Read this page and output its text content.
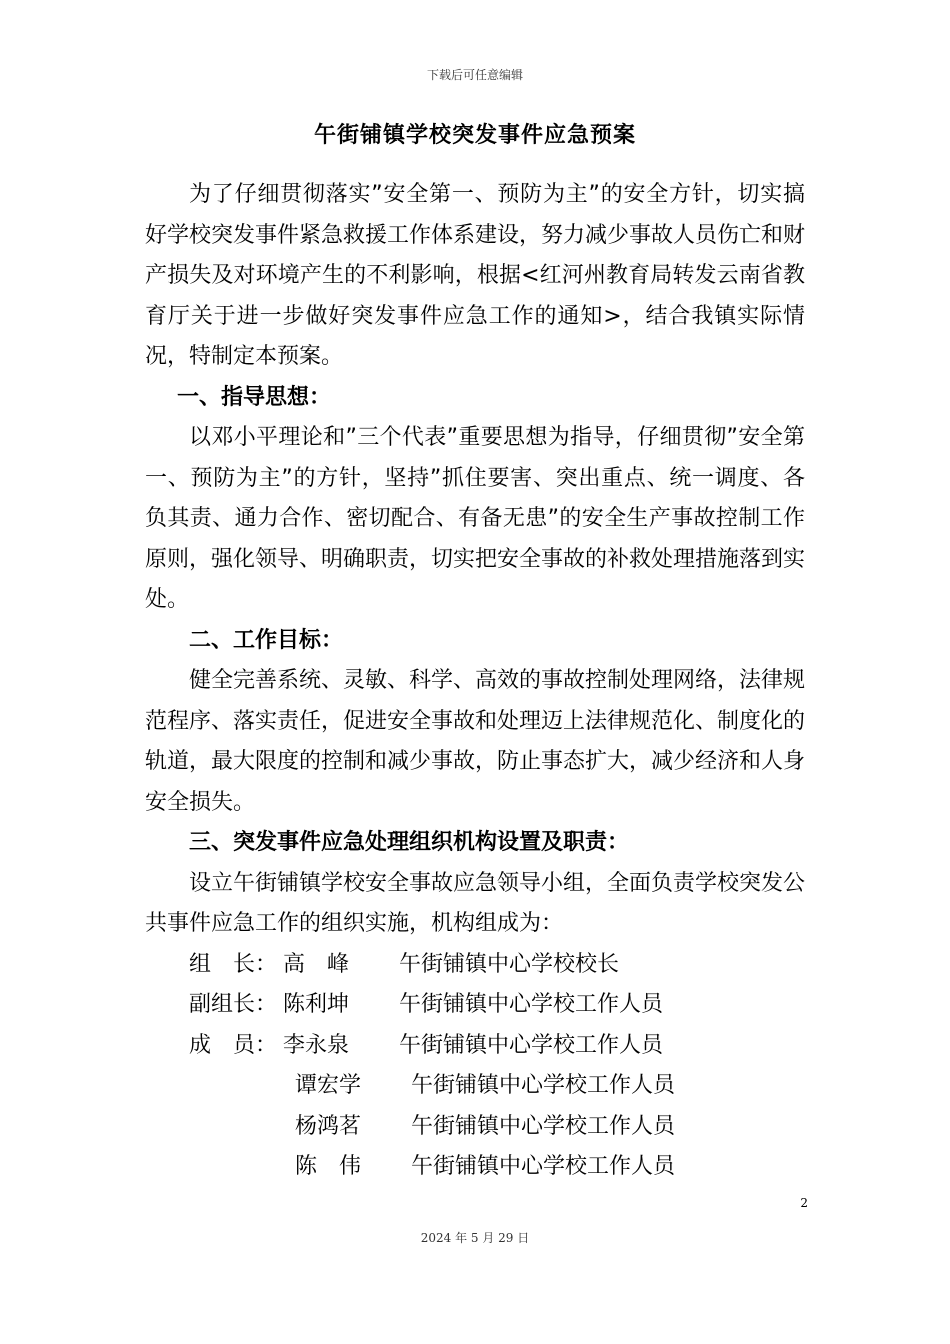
下载后可任意编辑
午街铺镇学校突发事件应急预案

为了仔细贯彻落实”安全第一、预防为主”的安全方针，切实搞好学校突发事件紧急救援工作体系建设，努力减少事故人员伤亡和财产损失及对环境产生的不利影响，根据<红河州教育局转发云南省教育厅关于进一步做好突发事件应急工作的通知>，结合我镇实际情况，特制定本预案。

一、指导思想：

以邓小平理论和”三个代表”重要思想为指导，仔细贯彻”安全第一、预防为主”的方针，坚持”抓住要害、突出重点、统一调度、各负其责、通力合作、密切配合、有备无患”的安全生产事故控制工作原则，强化领导、明确职责，切实把安全事故的补救处理措施落到实处。

二、工作目标：

健全完善系统、灵敏、科学、高效的事故控制处理网络，法律规范程序、落实责任，促进安全事故和处理迈上法律规范化、制度化的轨道，最大限度的控制和减少事故，防止事态扩大，减少经济和人身安全损失。

三、突发事件应急处理组织机构设置及职责：

设立午街铺镇学校安全事故应急领导小组，全面负责学校突发公共事件应急工作的组织实施，机构组成为：

组　长： 高　峰	午街铺镇中心学校校长
副组长： 陈利坤	午街铺镇中心学校工作人员
成　员： 李永泉	午街铺镇中心学校工作人员
谭宏学	午街铺镇中心学校工作人员
杨鸿茗	午街铺镇中心学校工作人员
陈　伟	午街铺镇中心学校工作人员
2
2024 年 5 月 29 日
